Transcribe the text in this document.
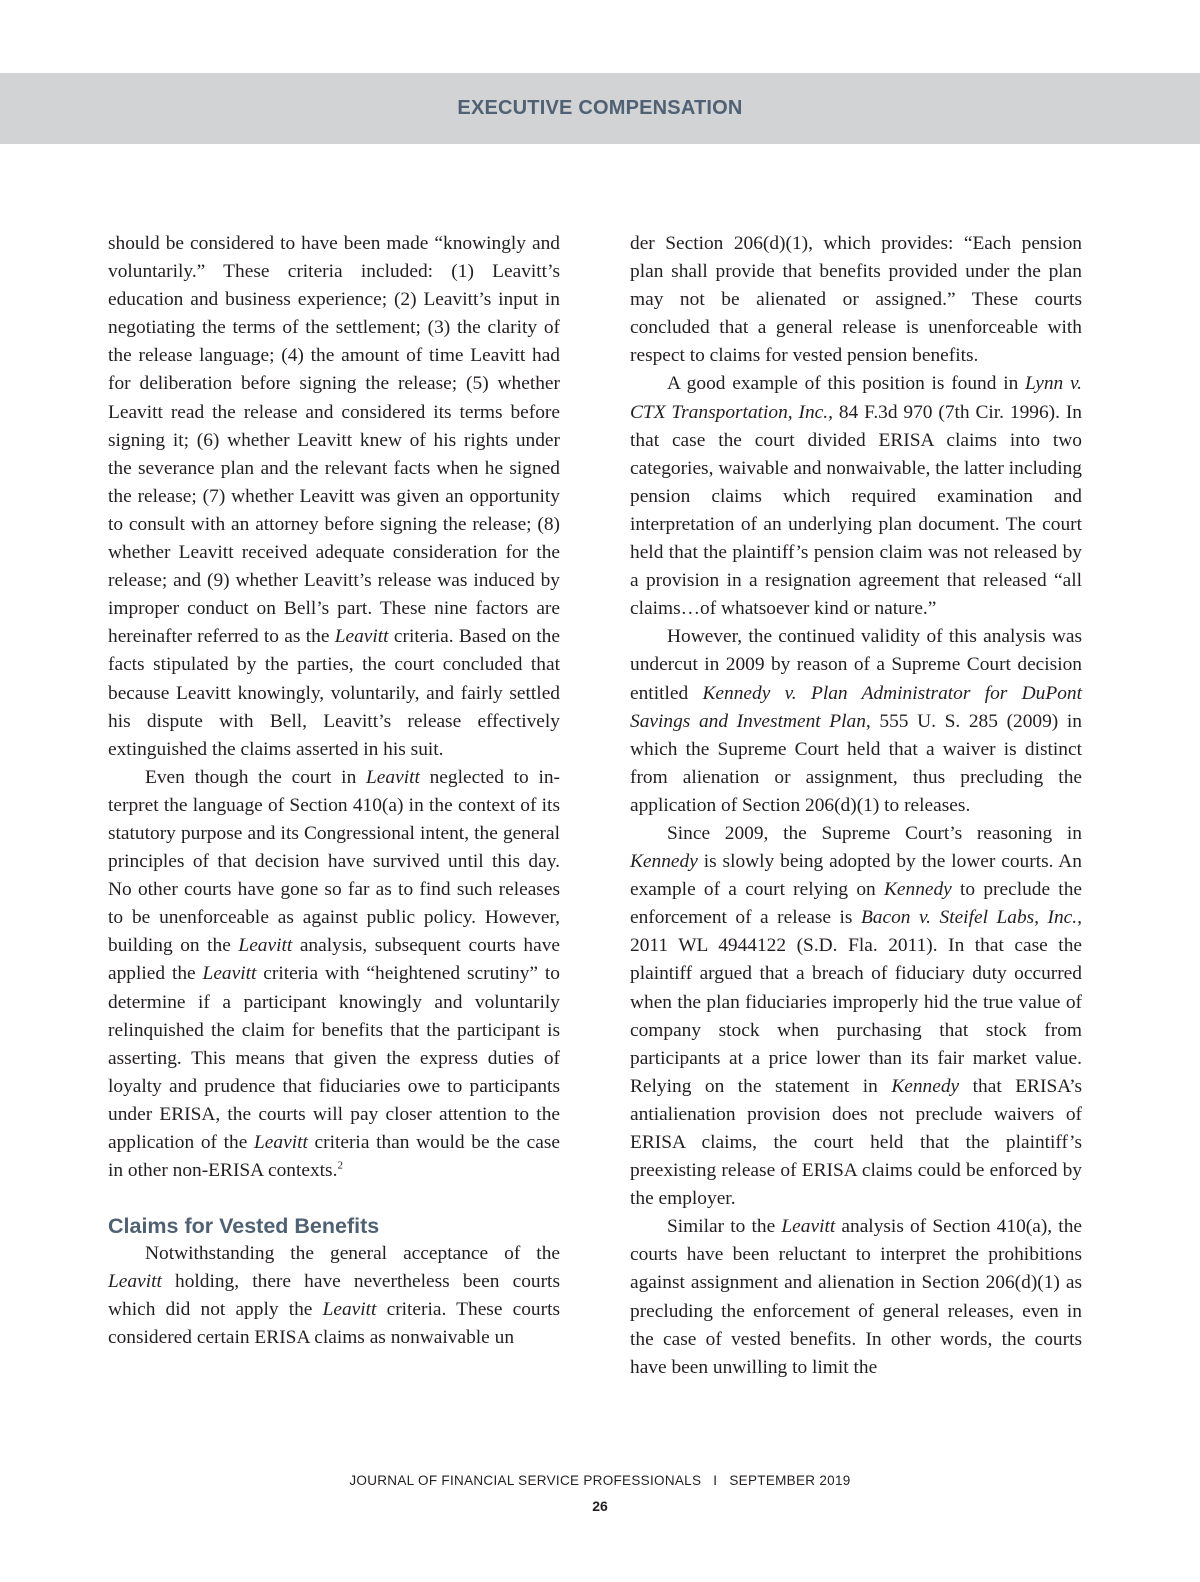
EXECUTIVE COMPENSATION

should be considered to have been made “knowingly and voluntarily.” These criteria included: (1) Leavitt’s education and business experience; (2) Leavitt’s input in negotiating the terms of the settlement; (3) the clarity of the release language; (4) the amount of time Leavitt had for deliberation before signing the release; (5) whether Leavitt read the release and considered its terms before signing it; (6) whether Leavitt knew of his rights under the severance plan and the relevant facts when he signed the release; (7) whether Leavitt was given an opportunity to consult with an attorney before signing the release; (8) whether Leavitt received adequate consideration for the release; and (9) whether Leavitt’s release was induced by improper conduct on Bell’s part. These nine factors are hereinafter referred to as the Leavitt criteria. Based on the facts stipulated by the parties, the court concluded that because Leavitt knowingly, voluntarily, and fairly settled his dispute with Bell, Leavitt’s release effectively extinguished the claims asserted in his suit.

Even though the court in Leavitt neglected to interpret the language of Section 410(a) in the context of its statutory purpose and its Congressional intent, the general principles of that decision have survived until this day. No other courts have gone so far as to find such releases to be unenforceable as against public policy. However, building on the Leavitt analysis, subsequent courts have applied the Leavitt criteria with “heightened scrutiny” to determine if a participant knowingly and voluntarily relinquished the claim for benefits that the participant is asserting. This means that given the express duties of loyalty and prudence that fiduciaries owe to participants under ERISA, the courts will pay closer attention to the application of the Leavitt criteria than would be the case in other non-ERISA contexts.$^2$

Claims for Vested Benefits

Notwithstanding the general acceptance of the Leavitt holding, there have nevertheless been courts which did not apply the Leavitt criteria. These courts considered certain ERISA claims as nonwaivable un

der Section 206(d)(1), which provides: “Each pension plan shall provide that benefits provided under the plan may not be alienated or assigned.” These courts concluded that a general release is unenforceable with respect to claims for vested pension benefits.

A good example of this position is found in Lynn v. CTX Transportation, Inc., 84 F.3d 970 (7th Cir. 1996). In that case the court divided ERISA claims into two categories, waivable and nonwaivable, the latter including pension claims which required examination and interpretation of an underlying plan document. The court held that the plaintiff’s pension claim was not released by a provision in a resignation agreement that released “all claims…of whatsoever kind or nature.”

However, the continued validity of this analysis was undercut in 2009 by reason of a Supreme Court decision entitled Kennedy v. Plan Administrator for DuPont Savings and Investment Plan, 555 U. S. 285 (2009) in which the Supreme Court held that a waiver is distinct from alienation or assignment, thus precluding the application of Section 206(d)(1) to releases.

Since 2009, the Supreme Court’s reasoning in Kennedy is slowly being adopted by the lower courts. An example of a court relying on Kennedy to preclude the enforcement of a release is Bacon v. Steifel Labs, Inc., 2011 WL 4944122 (S.D. Fla. 2011). In that case the plaintiff argued that a breach of fiduciary duty occurred when the plan fiduciaries improperly hid the true value of company stock when purchasing that stock from participants at a price lower than its fair market value. Relying on the statement in Kennedy that ERISA’s antialienation provision does not preclude waivers of ERISA claims, the court held that the plaintiff’s preexisting release of ERISA claims could be enforced by the employer.

Similar to the Leavitt analysis of Section 410(a), the courts have been reluctant to interpret the prohibitions against assignment and alienation in Section 206(d)(1) as precluding the enforcement of general releases, even in the case of vested benefits. In other words, the courts have been unwilling to limit the

JOURNAL OF FINANCIAL SERVICE PROFESSIONALS I SEPTEMBER 2019
26
